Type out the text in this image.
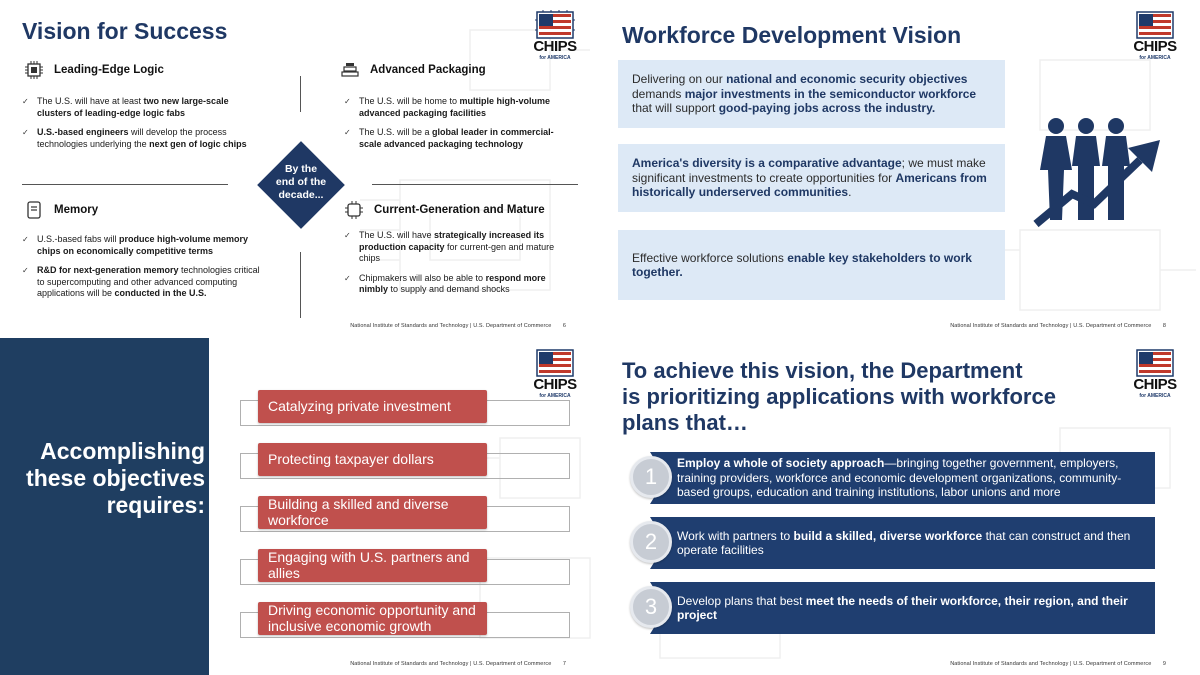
Vision for Success
CHIPS
for AMERICA
Leading-Edge Logic
✓ The U.S. will have at least two new large-scale clusters of leading-edge logic fabs
✓ U.S.-based engineers will develop the process technologies underlying the next gen of logic chips
Advanced Packaging
✓ The U.S. will be home to multiple high-volume advanced packaging facilities
✓ The U.S. will be a global leader in commercial-scale advanced packaging technology
By the
end of the
decade...
Memory
✓ U.S.-based fabs will produce high-volume memory chips on economically competitive terms
✓ R&D for next-generation memory technologies critical to supercomputing and other advanced computing applications will be conducted in the U.S.
Current-Generation and Mature
✓ The U.S. will have strategically increased its production capacity for current-gen and mature chips
✓ Chipmakers will also be able to respond more nimbly to supply and demand shocks
National Institute of Standards and Technology | U.S. Department of Commerce 6
Workforce Development Vision	CHIPS
for AMERICA
Delivering on our national and economic security objectives demands major investments in the semiconductor workforce that will support good-paying jobs across the industry.
America's diversity is a comparative advantage; we must make significant investments to create opportunities for Americans from historically underserved communities.
Effective workforce solutions enable key stakeholders to work together.
National Institute of Standards and Technology | U.S. Department of Commerce 8
Accomplishing
these objectives
requires:
CHIPS
for AMERICA
Catalyzing private investment
Protecting taxpayer dollars
Building a skilled and diverse workforce
Engaging with U.S. partners and allies
Driving economic opportunity and inclusive economic growth
National Institute of Standards and Technology | U.S. Department of Commerce 7
To achieve this vision, the Department
is prioritizing applications with workforce
plans that…
CHIPS
for AMERICA
1
Employ a whole of society approach—bringing together government, employers, training providers, workforce and economic development organizations, community-based groups, education and training institutions, labor unions and more
2	Work with partners to build a skilled, diverse workforce that can construct and then operate facilities
3	Develop plans that best meet the needs of their workforce, their region, and their project
National Institute of Standards and Technology | U.S. Department of Commerce 9
